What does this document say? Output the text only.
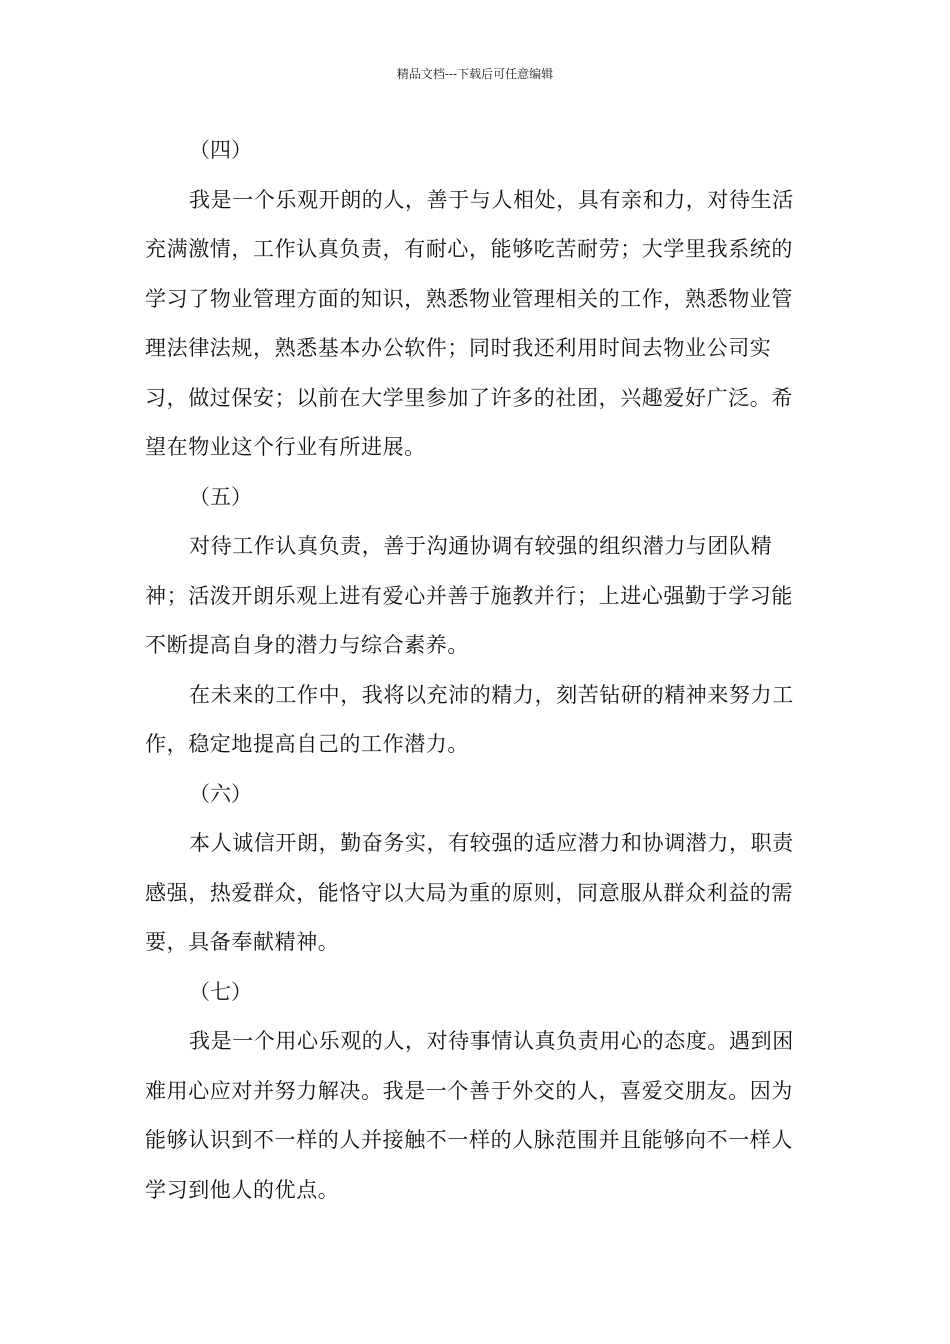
精品文档---下载后可任意编辑

（四）

我是一个乐观开朗的人，善于与人相处，具有亲和力，对待生活充满激情，工作认真负责，有耐心，能够吃苦耐劳；大学里我系统的学习了物业管理方面的知识，熟悉物业管理相关的工作，熟悉物业管理法律法规，熟悉基本办公软件；同时我还利用时间去物业公司实习，做过保安；以前在大学里参加了许多的社团，兴趣爱好广泛。希望在物业这个行业有所进展。

（五）

对待工作认真负责，善于沟通协调有较强的组织潜力与团队精神；活泼开朗乐观上进有爱心并善于施教并行；上进心强勤于学习能不断提高自身的潜力与综合素养。

在未来的工作中，我将以充沛的精力，刻苦钻研的精神来努力工作，稳定地提高自己的工作潜力。

（六）

本人诚信开朗，勤奋务实，有较强的适应潜力和协调潜力，职责感强，热爱群众，能恪守以大局为重的原则，同意服从群众利益的需要，具备奉献精神。

（七）

我是一个用心乐观的人，对待事情认真负责用心的态度。遇到困难用心应对并努力解决。我是一个善于外交的人，喜爱交朋友。因为能够认识到不一样的人并接触不一样的人脉范围并且能够向不一样人学习到他人的优点。
